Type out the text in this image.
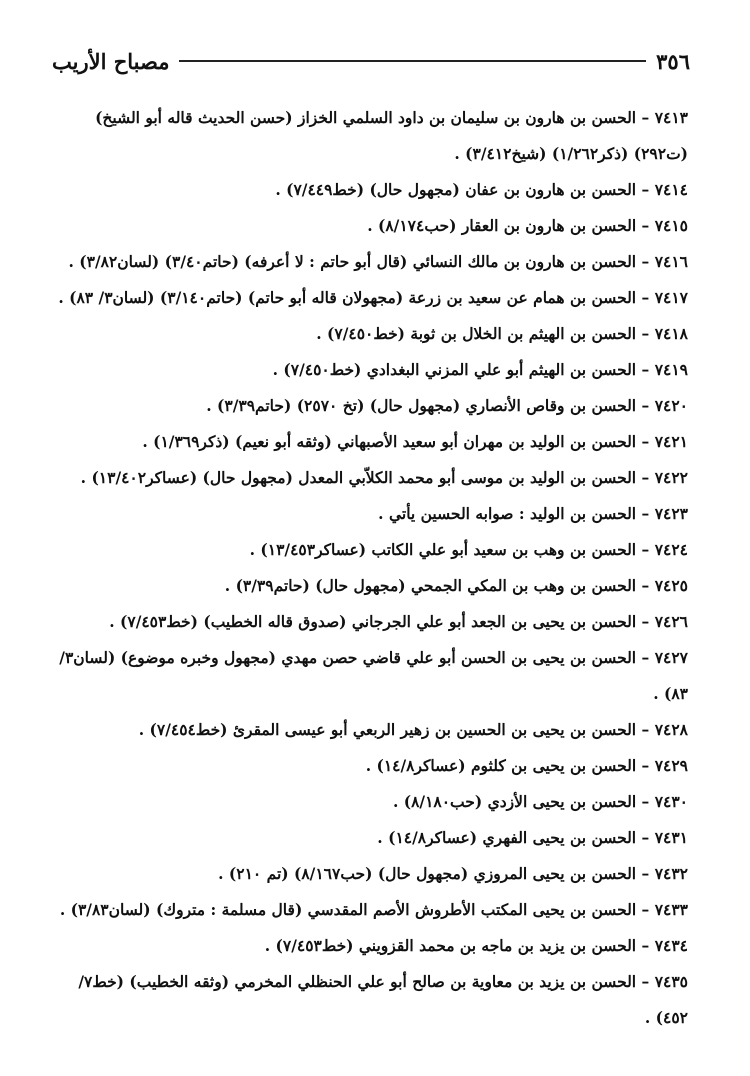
٣٥٦
مصباح الأريب
٧٤١٣ – الحسن بن هارون بن سليمان بن داود السلمي الخزاز (حسن الحديث قاله أبو الشيخ) (ت٢٩٢) (ذكر١/٢٦٢) (شيخ٣/٤١٢) .
٧٤١٤ – الحسن بن هارون بن عفان (مجهول حال) (خط٧/٤٤٩) .
٧٤١٥ – الحسن بن هارون بن العقار (حب٨/١٧٤) .
٧٤١٦ – الحسن بن هارون بن مالك النسائي (قال أبو حاتم : لا أعرفه) (حاتم٣/٤٠) (لسان٣/٨٢) .
٧٤١٧ – الحسن بن همام عن سعيد بن زرعة (مجهولان قاله أبو حاتم) (حاتم٣/١٤٠) (لسان٣/ ٨٣) .
٧٤١٨ – الحسن بن الهيثم بن الخلال بن ثوبة (خط٧/٤٥٠) .
٧٤١٩ – الحسن بن الهيثم أبو علي المزني البغدادي (خط٧/٤٥٠) .
٧٤٢٠ – الحسن بن وقاص الأنصاري (مجهول حال) (تخ ٢٥٧٠) (حاتم٣/٣٩) .
٧٤٢١ – الحسن بن الوليد بن مهران أبو سعيد الأصبهاني (وثقه أبو نعيم) (ذكر١/٣٦٩) .
٧٤٢٢ – الحسن بن الوليد بن موسى أبو محمد الكلاّبي المعدل (مجهول حال) (عساكر١٣/٤٠٢) .
٧٤٢٣ – الحسن بن الوليد : صوابه الحسين يأتي .
٧٤٢٤ – الحسن بن وهب بن سعيد أبو علي الكاتب (عساكر١٣/٤٥٣) .
٧٤٢٥ – الحسن بن وهب بن المكي الجمحي (مجهول حال) (حاتم٣/٣٩) .
٧٤٢٦ – الحسن بن يحيى بن الجعد أبو علي الجرجاني (صدوق قاله الخطيب) (خط٧/٤٥٣) .
٧٤٢٧ – الحسن بن يحيى بن الحسن أبو علي قاضي حصن مهدي (مجهول وخبره موضوع) (لسان٣/ ٨٣) .
٧٤٢٨ – الحسن بن يحيى بن الحسين بن زهير الربعي أبو عيسى المقرئ (خط٧/٤٥٤) .
٧٤٢٩ – الحسن بن يحيى بن كلثوم (عساكر١٤/٨) .
٧٤٣٠ – الحسن بن يحيى الأزدي (حب٨/١٨٠) .
٧٤٣١ – الحسن بن يحيى الفهري (عساكر١٤/٨) .
٧٤٣٢ – الحسن بن يحيى المروزي (مجهول حال) (حب٨/١٦٧) (تم ٢١٠) .
٧٤٣٣ – الحسن بن يحيى المكتب الأطروش الأصم المقدسي (قال مسلمة : متروك) (لسان٣/٨٣) .
٧٤٣٤ – الحسن بن يزيد بن ماجه بن محمد القزويني (خط٧/٤٥٣) .
٧٤٣٥ – الحسن بن يزيد بن معاوية بن صالح أبو علي الحنظلي المخرمي (وثقه الخطيب) (خط٧/ ٤٥٢) .
